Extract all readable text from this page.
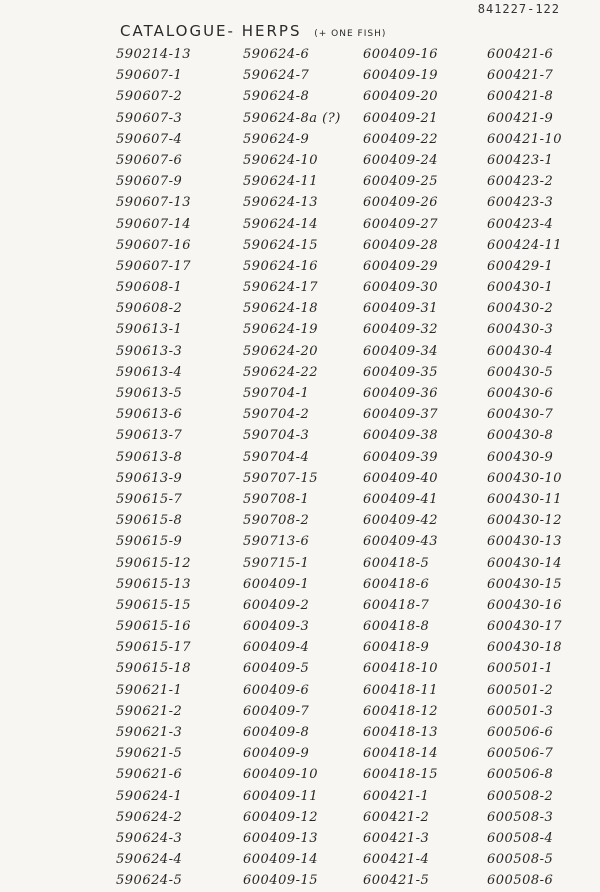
841227-122
CATALOGUE- HERPS (+ ONE FISH)
590214-13
590607-1
590607-2
590607-3
590607-4
590607-6
590607-9
590607-13
590607-14
590607-16
590607-17
590608-1
590608-2
590613-1
590613-3
590613-4
590613-5
590613-6
590613-7
590613-8
590613-9
590615-7
590615-8
590615-9
590615-12
590615-13
590615-15
590615-16
590615-17
590615-18
590621-1
590621-2
590621-3
590621-5
590621-6
590624-1
590624-2
590624-3
590624-4
590624-5
590624-6
590624-7
590624-8
590624-8a (?)
590624-9
590624-10
590624-11
590624-13
590624-14
590624-15
590624-16
590624-17
590624-18
590624-19
590624-20
590624-22
590704-1
590704-2
590704-3
590704-4
590707-15
590708-1
590708-2
590713-6
590715-1
600409-1
600409-2
600409-3
600409-4
600409-5
600409-6
600409-7
600409-8
600409-9
600409-10
600409-11
600409-12
600409-13
600409-14
600409-15
600409-16
600409-19
600409-20
600409-21
600409-22
600409-24
600409-25
600409-26
600409-27
600409-28
600409-29
600409-30
600409-31
600409-32
600409-34
600409-35
600409-36
600409-37
600409-38
600409-39
600409-40
600409-41
600409-42
600409-43
600418-5
600418-6
600418-7
600418-8
600418-9
600418-10
600418-11
600418-12
600418-13
600418-14
600418-15
600421-1
600421-2
600421-3
600421-4
600421-5
600421-6
600421-7
600421-8
600421-9
600421-10
600423-1
600423-2
600423-3
600423-4
600424-11
600429-1
600430-1
600430-2
600430-3
600430-4
600430-5
600430-6
600430-7
600430-8
600430-9
600430-10
600430-11
600430-12
600430-13
600430-14
600430-15
600430-16
600430-17
600430-18
600501-1
600501-2
600501-3
600506-6
600506-7
600506-8
600508-2
600508-3
600508-4
600508-5
600508-6
